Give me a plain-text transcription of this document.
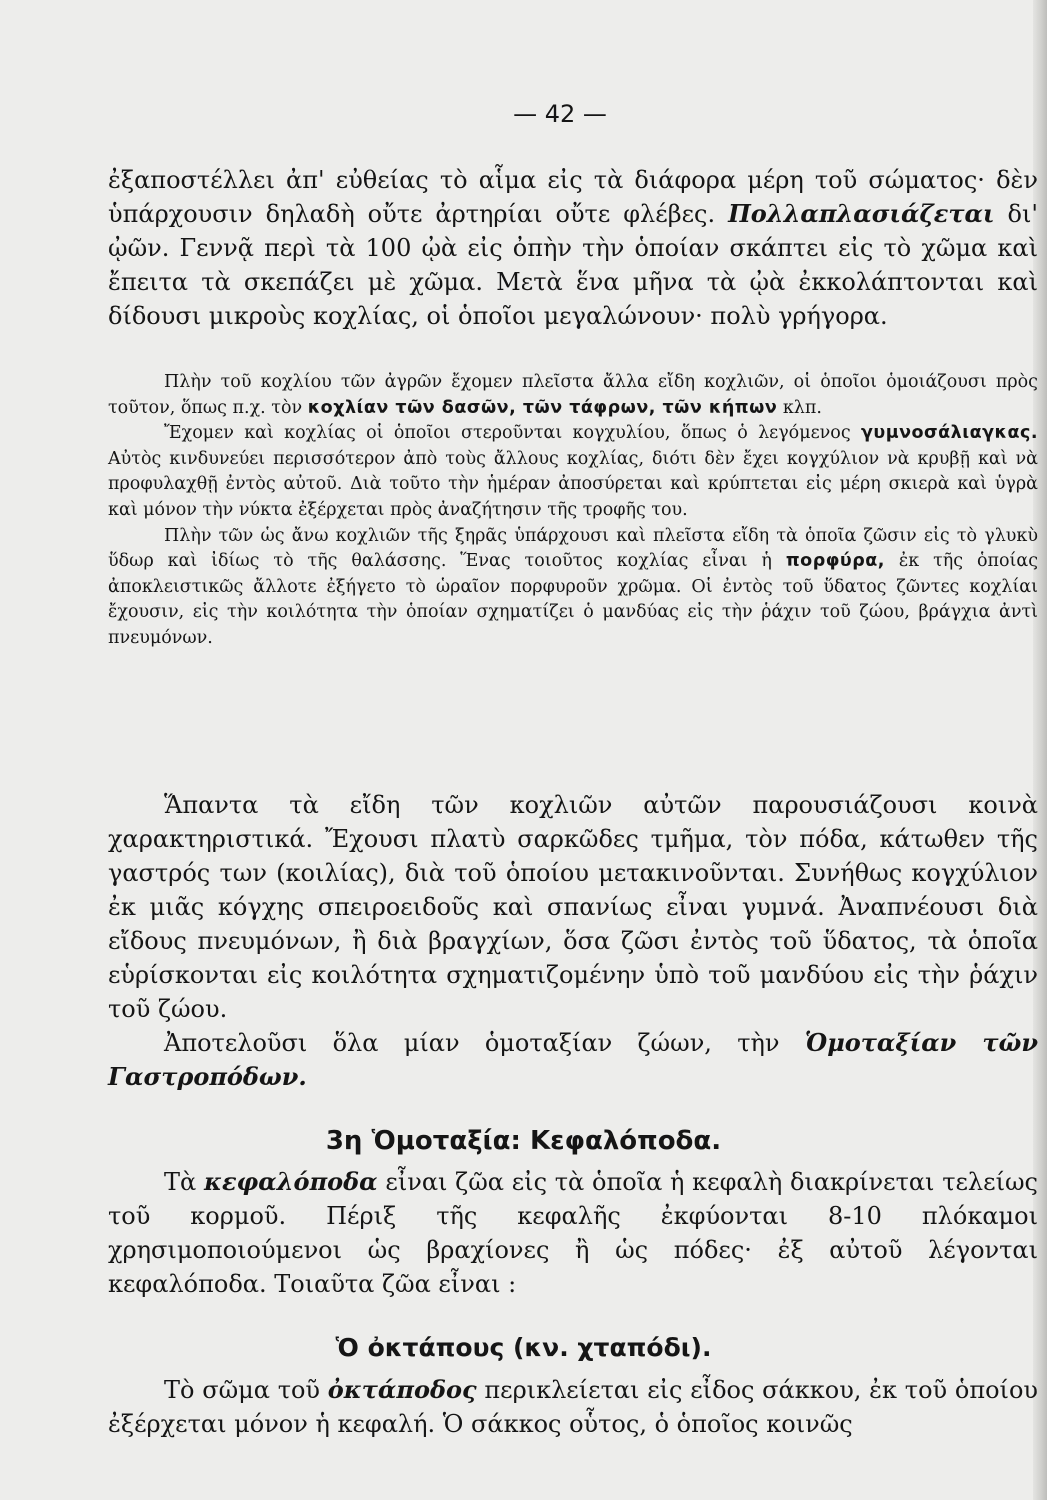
— 42 —

ἐξαποστέλλει ἀπ' εὐθείας τὸ αἷμα εἰς τὰ διάφορα μέρη τοῦ σώματος· δὲν ὑπάρχουσιν δηλαδὴ οὔτε ἀρτηρίαι οὔτε φλέβες. Πολλαπλασιάζεται δι' ᾠῶν. Γεννᾷ περὶ τὰ 100 ᾠὰ εἰς ὀπὴν τὴν ὁποίαν σκάπτει εἰς τὸ χῶμα καὶ ἔπειτα τὰ σκεπάζει μὲ χῶμα. Μετὰ ἕνα μῆνα τὰ ᾠὰ ἐκκολάπτονται καὶ δίδουσι μικροὺς κοχλίας, οἱ ὁποῖοι μεγαλώνουν· πολὺ γρήγορα.

Πλὴν τοῦ κοχλίου τῶν ἀγρῶν ἔχομεν πλεῖστα ἄλλα εἴδη κοχλιῶν, οἱ ὁποῖοι ὁμοιάζουσι πρὸς τοῦτον, ὅπως π.χ. τὸν κοχλίαν τῶν δασῶν, τῶν τάφρων, τῶν κήπων κλπ.

Ἔχομεν καὶ κοχλίας οἱ ὁποῖοι στεροῦνται κογχυλίου, ὅπως ὁ λεγόμενος γυμνοσάλιαγκας. Αὐτὸς κινδυνεύει περισσότερον ἀπὸ τοὺς ἄλλους κοχλίας, διότι δὲν ἔχει κογχύλιον νὰ κρυβῇ καὶ νὰ προφυλαχθῇ ἐντὸς αὐτοῦ. Διὰ τοῦτο τὴν ἡμέραν ἀποσύρεται καὶ κρύπτεται εἰς μέρη σκιερὰ καὶ ὑγρὰ καὶ μόνον τὴν νύκτα ἐξέρχεται πρὸς ἀναζήτησιν τῆς τροφῆς του.

Πλὴν τῶν ὡς ἄνω κοχλιῶν τῆς ξηρᾶς ὑπάρχουσι καὶ πλεῖστα εἴδη τὰ ὁποῖα ζῶσιν εἰς τὸ γλυκὺ ὕδωρ καὶ ἰδίως τὸ τῆς θαλάσσης. Ἕνας τοιοῦτος κοχλίας εἶναι ἡ πορφύρα, ἐκ τῆς ὁποίας ἀποκλειστικῶς ἄλλοτε ἐξήγετο τὸ ὡραῖον πορφυροῦν χρῶμα. Οἱ ἐντὸς τοῦ ὕδατος ζῶντες κοχλίαι ἔχουσιν, εἰς τὴν κοιλότητα τὴν ὁποίαν σχηματίζει ὁ μανδύας εἰς τὴν ῥάχιν τοῦ ζώου, βράγχια ἀντὶ πνευμόνων.

Ἅπαντα τὰ εἴδη τῶν κοχλιῶν αὐτῶν παρουσιάζουσι κοινὰ χαρακτηριστικά. Ἔχουσι πλατὺ σαρκῶδες τμῆμα, τὸν πόδα, κάτωθεν τῆς γαστρός των (κοιλίας), διὰ τοῦ ὁποίου μετακινοῦνται. Συνήθως κογχύλιον ἐκ μιᾶς κόγχης σπειροειδοῦς καὶ σπανίως εἶναι γυμνά. Ἀναπνέουσι διὰ εἴδους πνευμόνων, ἢ διὰ βραγχίων, ὅσα ζῶσι ἐντὸς τοῦ ὕδατος, τὰ ὁποῖα εὑρίσκονται εἰς κοιλότητα σχηματιζομένην ὑπὸ τοῦ μανδύου εἰς τὴν ῥάχιν τοῦ ζώου.

Ἀποτελοῦσι ὅλα μίαν ὁμοταξίαν ζώων, τὴν Ὁμοταξίαν τῶν Γαστροπόδων.

3η Ὁμοταξία: Κεφαλόποδα.

Τὰ κεφαλόποδα εἶναι ζῶα εἰς τὰ ὁποῖα ἡ κεφαλὴ διακρίνεται τελείως τοῦ κορμοῦ. Πέριξ τῆς κεφαλῆς ἐκφύονται 8-10 πλόκαμοι χρησιμοποιούμενοι ὡς βραχίονες ἢ ὡς πόδες· ἐξ αὐτοῦ λέγονται κεφαλόποδα. Τοιαῦτα ζῶα εἶναι :

Ὁ ὀκτάπους (κν. χταπόδι).

Τὸ σῶμα τοῦ ὀκτάποδος περικλείεται εἰς εἶδος σάκκου, ἐκ τοῦ ὁποίου ἐξέρχεται μόνον ἡ κεφαλή. Ὁ σάκκος οὗτος, ὁ ὁποῖος κοινῶς
